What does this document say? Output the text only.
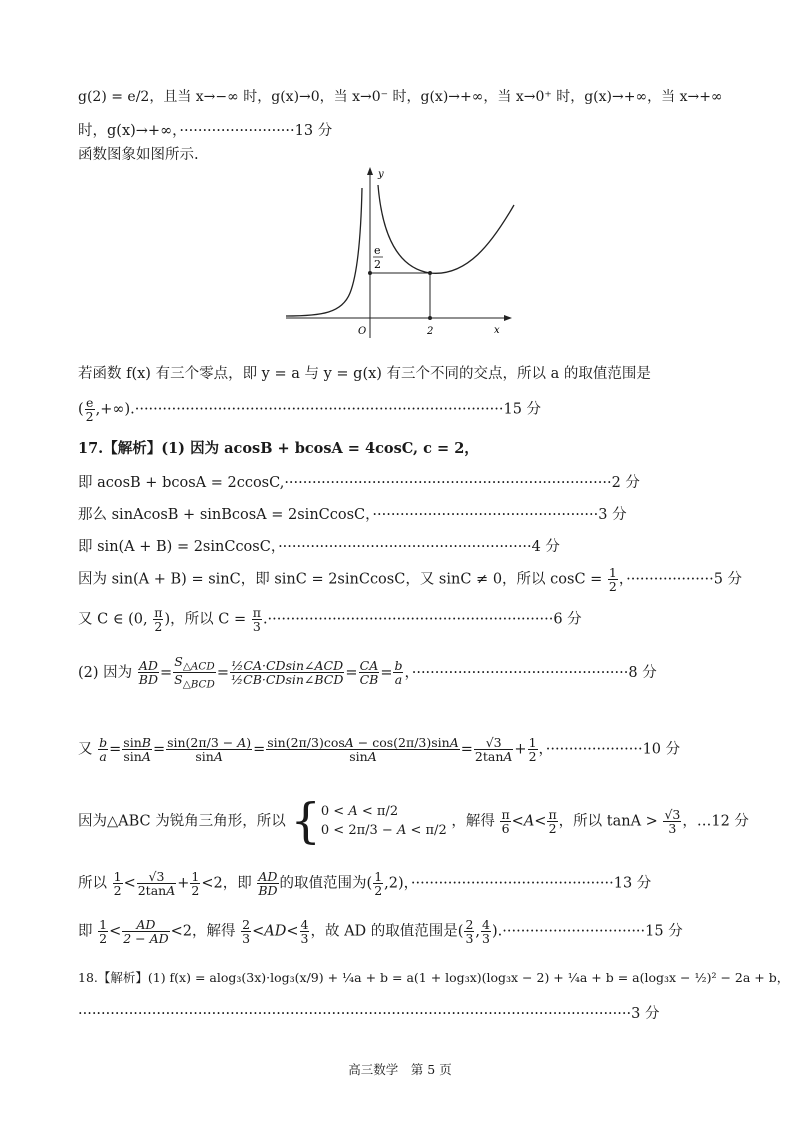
g(2) = e/2，且当 x→−∞ 时，g(x)→0，当 x→0⁻ 时，g(x)→+∞，当 x→0⁺ 时，g(x)→+∞，当 x→+∞
时，g(x)→+∞，·························13 分
函数图象如图所示.
y
x
O	2
e
2
若函数 f(x) 有三个零点，即 y = a 与 y = g(x) 有三个不同的交点，所以 a 的取值范围是
( $\frac{e}{2} ,+\infty).\cdot\cdot\cdot\cdot\cdot\cdot\cdot\cdot\cdot\cdot\cdot\cdot\cdot\cdot\cdot\cdot\cdot\cdot\cdot\cdot\cdot\cdot\cdot\cdot\cdot\cdot\cdot\cdot\cdot\cdot\cdot\cdot\cdot\cdot\cdot\cdot\cdot\cdot\cdot\cdot\cdot\cdot\cdot\cdot\cdot\cdot\cdot\cdot\cdot\cdot\cdot\cdot\cdot\cdot\cdot\cdot\cdot\cdot\cdot\cdot\cdot\cdot\cdot\cdot\cdot\cdot\cdot\cdot\cdot\cdot\cdot\cdot\cdot\cdot\cdot\cdot\cdot\cdot\cdot\cdot 15$ 分
17.【解析】(1) 因为 acosB + bcosA = 4cosC, c = 2，
即 acosB + bcosA = 2ccosC,·······································································2 分
那么 sinAcosB + sinBcosA = 2sinCcosC，·················································3 分
即 sin(A + B) = 2sinCcosC，·······················································4 分
因为 sin(A + B) = sinC，即 sinC = 2sinCcosC，又 sinC ≠ 0，所以 $\cos C = \frac{1}{2}$ ，···················5 分
又 C ∈ (0, $\frac{\pi}{2}$ )，所以 $C = \frac{\pi}{3} .\cdot\cdot\cdot\cdot\cdot\cdot\cdot\cdot\cdot\cdot\cdot\cdot\cdot\cdot\cdot\cdot\cdot\cdot\cdot\cdot\cdot\cdot\cdot\cdot\cdot\cdot\cdot\cdot\cdot\cdot\cdot\cdot\cdot\cdot\cdot\cdot\cdot\cdot\cdot\cdot\cdot\cdot\cdot\cdot\cdot\cdot\cdot\cdot\cdot\cdot\cdot\cdot\cdot\cdot\cdot\cdot\cdot\cdot\cdot\cdot\cdot\cdot 6$ 分
(2) 因为 $\frac{AD}{BD} = \frac{S_{\triangle ACD}}{S_{\triangle BCD}} = \frac{\text{½CA·CDsin∠ACD}}{\text{½CB·CDsin∠BCD}} = \frac{CA}{CB} = \frac{b}{a}$ ，···············································8 分
又 $\frac{b}{a} = \frac{\sin B}{\sin A} = \frac{\sin(2\pi/3 - A)}{\sin A} = \frac{\sin(2\pi/3)\cos A - \cos(2\pi/3)\sin A}{\sin A} = \frac{√3}{2\tan A} + \frac{1}{2}$ ，·····················10 分
因为△ABC 为锐角三角形，所以 { 0 < A < π/2
0 < 2π/3 − A < π/2
，解得 $\frac{\pi}{6} <A< \frac{\pi}{2}$ ，所以 $\tan A > \frac{√3}{3}$ ，…12 分
所以 $\frac{1}{2} < \frac{√3}{2\tan A} + \frac{1}{2} <2$，即 $\frac{AD}{BD}$ 的取值范围为( $\frac{1}{2} ,2$)，············································13 分
即 $\frac{1}{2} < \frac{AD}{2 - AD} <2$，解得 $\frac{2}{3} <AD< \frac{4}{3}$ ，故 AD 的取值范围是( $\frac{2}{3}$ , $\frac{4}{3} ).\cdot\cdot\cdot\cdot\cdot\cdot\cdot\cdot\cdot\cdot\cdot\cdot\cdot\cdot\cdot\cdot\cdot\cdot\cdot\cdot\cdot\cdot\cdot\cdot\cdot\cdot\cdot\cdot\cdot\cdot\cdot 15$ 分
18.【解析】(1) f(x) = alog₃(3x)·log₃(x/9) + ¼a + b = a(1 + log₃x)(log₃x − 2) + ¼a + b = a(log₃x − ½)² − 2a + b，
························································································································3 分
高三数学　第 5 页
